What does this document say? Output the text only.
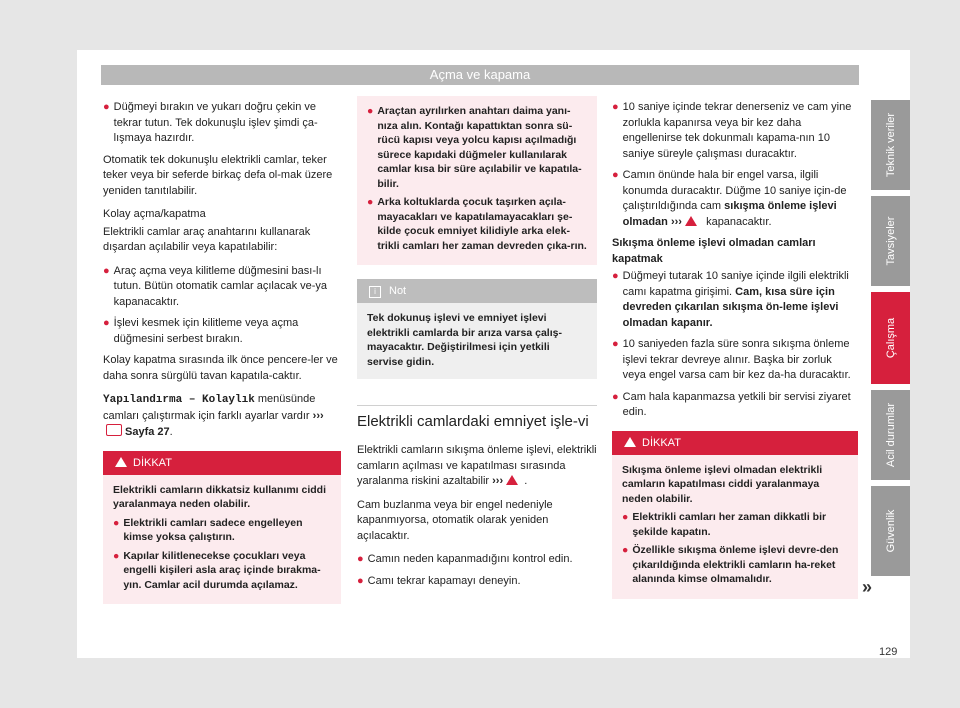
Açma ve kapama
● Düğmeyi bırakın ve yukarı doğru çekin ve tekrar tutun. Tek dokunuşlu işlev şimdi ça-lışmaya hazırdır.

Otomatik tek dokunuşlu elektrikli camlar, teker teker veya bir seferde birkaç defa ol-mak üzere yeniden tanıtılabilir.

Kolay açma/kapatma

Elektrikli camlar araç anahtarını kullanarak dışardan açılabilir veya kapatılabilir:

● Araç açma veya kilitleme düğmesini bası-lı tutun. Bütün otomatik camlar açılacak ve-ya kapanacaktır.
● İşlevi kesmek için kilitleme veya açma düğmesini serbest bırakın.

Kolay kapatma sırasında ilk önce pencere-ler ve daha sonra sürgülü tavan kapatıla-caktır.

Yapılandırma – Kolaylık menüsünde camları çalıştırmak için farklı ayarlar vardır ››› Sayfa 27.

DİKKAT

Elektrikli camların dikkatsiz kullanımı ciddi yaralanmaya neden olabilir.

● Elektrikli camları sadece engelleyen kimse yoksa çalıştırın.
● Kapılar kilitlenecekse çocukları veya engelli kişileri asla araç içinde bırakma-yın. Camlar acil durumda açılamaz.
● Araçtan ayrılırken anahtarı daima yanı-nıza alın. Kontağı kapattıktan sonra sü-rücü kapısı veya yolcu kapısı açılmadığı sürece kapıdaki düğmeler kullanılarak camlar kısa bir süre açılabilir ve kapatıla-bilir.
● Arka koltuklarda çocuk taşırken açıla-mayacakları ve kapatılamayacakları şe-kilde çocuk emniyet kilidiyle arka elek-trikli camları her zaman devreden çıka-rın.
i Not
Tek dokunuş işlevi ve emniyet işlevi elektrikli camlarda bir arıza varsa çalış-mayacaktır. Değiştirilmesi için yetkili servise gidin.
Elektrikli camlardaki emniyet işle-vi

Elektrikli camların sıkışma önleme işlevi, elektrikli camların açılması ve kapatılması sırasında yaralanma riskini azaltabilir ››› .

Cam buzlanma veya bir engel nedeniyle kapanmıyorsa, otomatik olarak yeniden açılacaktır.

● Camın neden kapanmadığını kontrol edin.
● Camı tekrar kapamayı deneyin.
● 10 saniye içinde tekrar denerseniz ve cam yine zorlukla kapanırsa veya bir kez daha engellenirse tek dokunmalı kapama-nın 10 saniye süreyle çalışması duracaktır.
● Camın önünde hala bir engel varsa, ilgili konumda duracaktır. Düğme 10 saniye için-de çalıştırıldığında cam sıkışma önleme işlevi olmadan ›››  kapanacaktır.
Sıkışma önleme işlevi olmadan camları kapatmak
● Düğmeyi tutarak 10 saniye içinde ilgili elektrikli camı kapatma girişimi. Cam, kısa süre için devreden çıkarılan sıkışma ön-leme işlevi olmadan kapanır.
● 10 saniyeden fazla süre sonra sıkışma önleme işlevi tekrar devreye alınır. Başka bir zorluk veya engel varsa cam bir kez da-ha duracaktır.
● Cam hala kapanmazsa yetkili bir servisi ziyaret edin.
DİKKAT

Sıkışma önleme işlevi olmadan elektrikli camların kapatılması ciddi yaralanmaya neden olabilir.

● Elektrikli camları her zaman dikkatli bir şekilde kapatın.
● Özellikle sıkışma önleme işlevi devre-den çıkarıldığında elektrikli camların ha-reket alanında kimse olmamalıdır.	»
Teknik veriler
Tavsiyeler
Çalışma
Acil durumlar
Güvenlik
129
